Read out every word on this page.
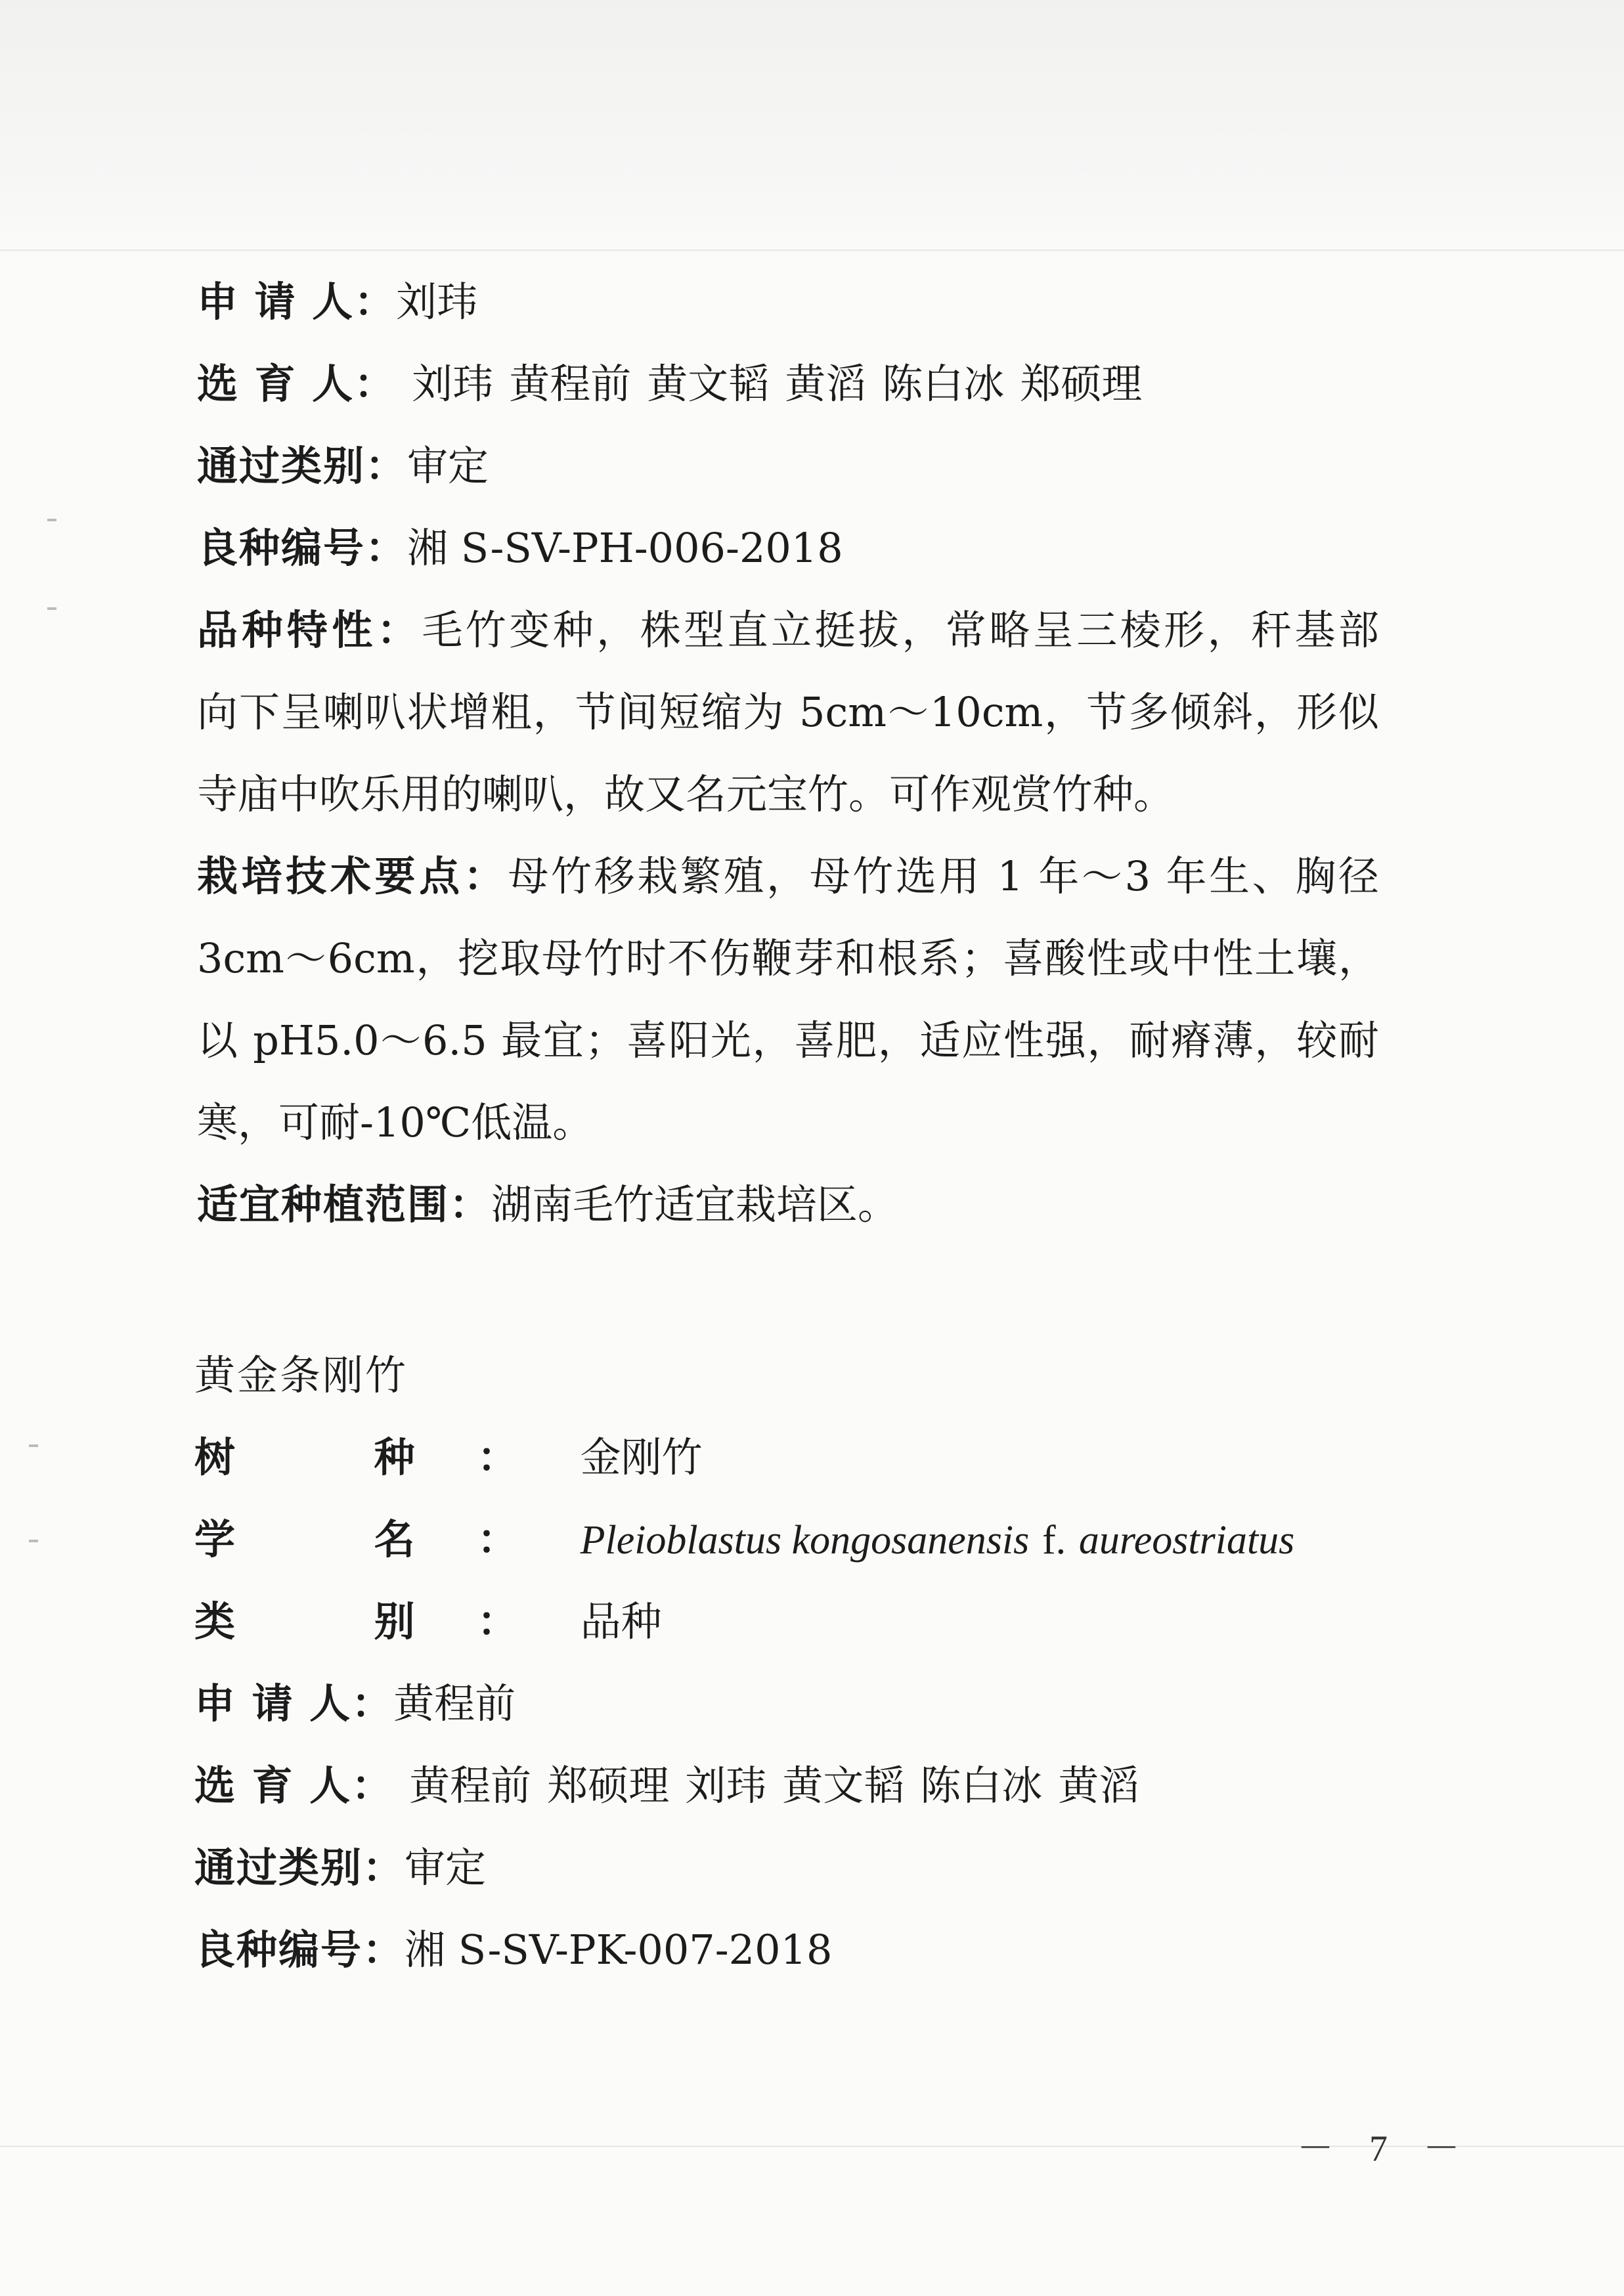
申 请 人：刘玮
选 育 人： 刘玮 黄程前 黄文韬 黄滔 陈白冰 郑硕理
通过类别：审定
良种编号：湘 S-SV-PH-006-2018
品种特性：毛竹变种，株型直立挺拔，常略呈三棱形，秆基部
向下呈喇叭状增粗，节间短缩为 5cm～10cm，节多倾斜，形似
寺庙中吹乐用的喇叭，故又名元宝竹。可作观赏竹种。
栽培技术要点：母竹移栽繁殖，母竹选用 1 年～3 年生、胸径
3cm～6cm，挖取母竹时不伤鞭芽和根系；喜酸性或中性土壤，
以 pH5.0～6.5 最宜；喜阳光，喜肥，适应性强，耐瘠薄，较耐
寒，可耐-10℃低温。
适宜种植范围：湖南毛竹适宜栽培区。
黄金条刚竹
树 种：金刚竹
学 名：Pleioblastus kongosanensis f. aureostriatus
类 别：品种
申 请 人：黄程前
选 育 人： 黄程前 郑硕理 刘玮 黄文韬 陈白冰 黄滔
通过类别：审定
良种编号：湘 S-SV-PK-007-2018
－ 7 －
